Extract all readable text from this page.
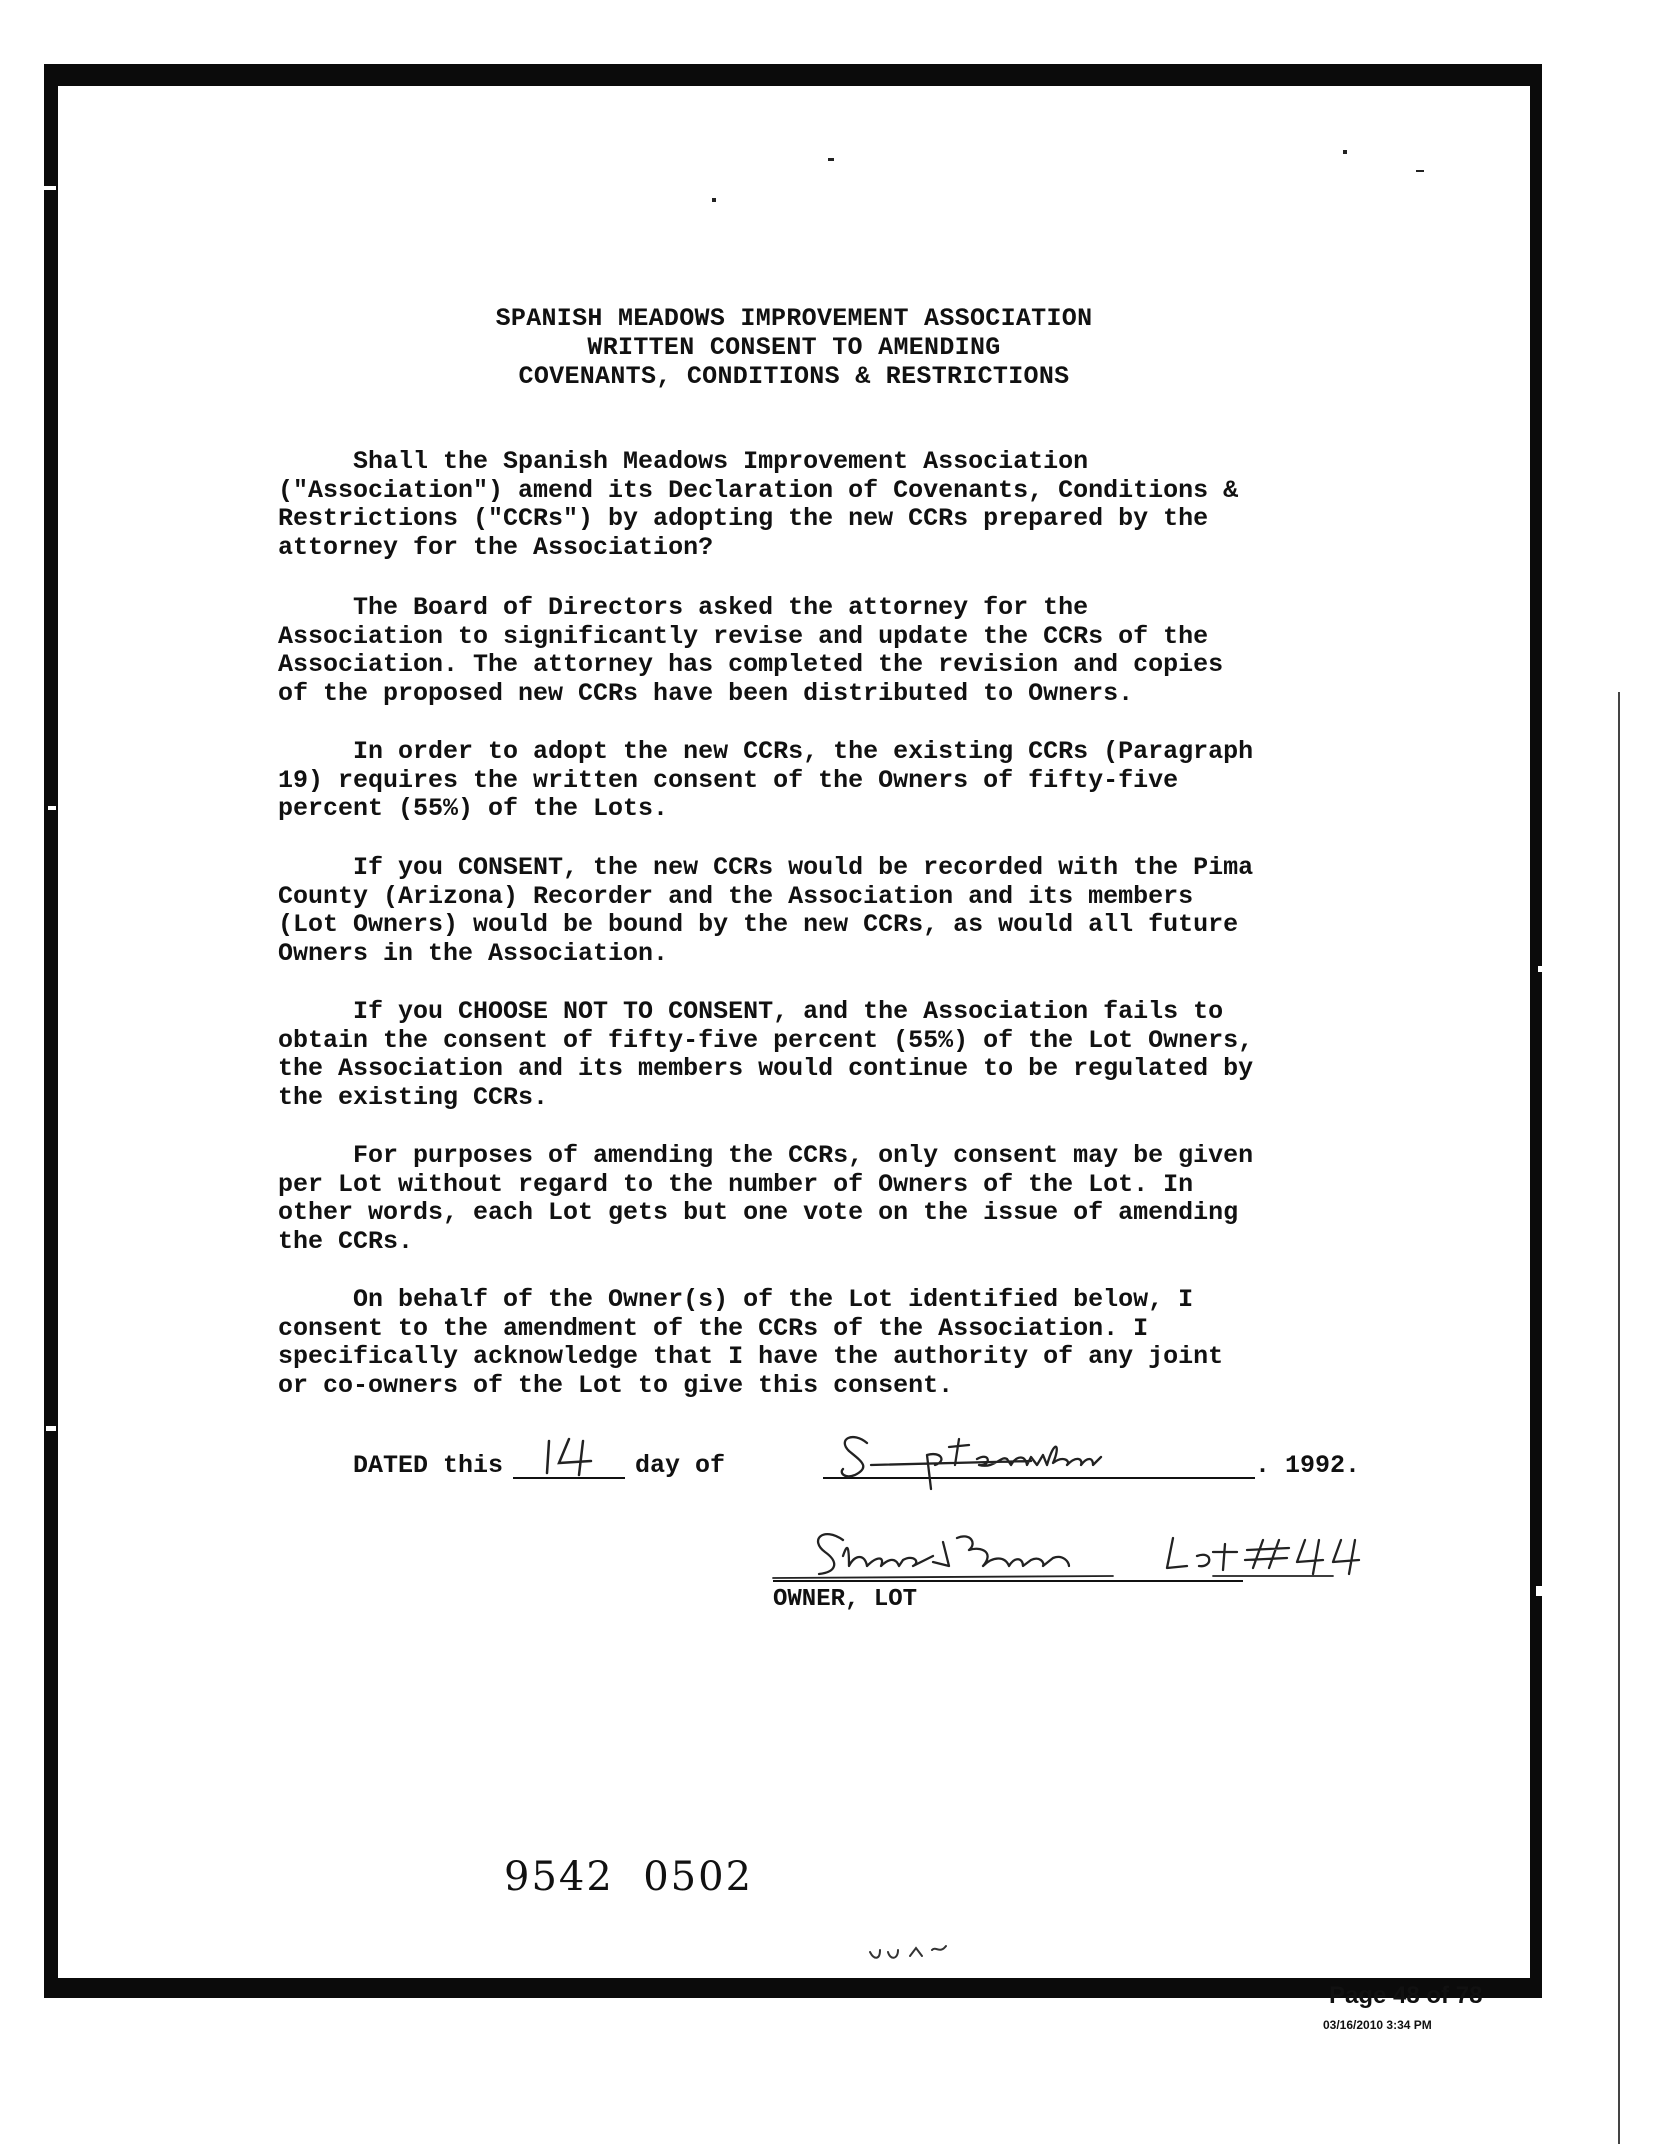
SPANISH MEADOWS IMPROVEMENT ASSOCIATION
WRITTEN CONSENT TO AMENDING
COVENANTS, CONDITIONS & RESTRICTIONS
Shall the Spanish Meadows Improvement Association
("Association") amend its Declaration of Covenants, Conditions &
Restrictions ("CCRs") by adopting the new CCRs prepared by the
attorney for the Association?
The Board of Directors asked the attorney for the
Association to significantly revise and update the CCRs of the
Association. The attorney has completed the revision and copies
of the proposed new CCRs have been distributed to Owners.
In order to adopt the new CCRs, the existing CCRs (Paragraph
19) requires the written consent of the Owners of fifty-five
percent (55%) of the Lots.
If you CONSENT, the new CCRs would be recorded with the Pima
County (Arizona) Recorder and the Association and its members
(Lot Owners) would be bound by the new CCRs, as would all future
Owners in the Association.
If you CHOOSE NOT TO CONSENT, and the Association fails to
obtain the consent of fifty-five percent (55%) of the Lot Owners,
the Association and its members would continue to be regulated by
the existing CCRs.
For purposes of amending the CCRs, only consent may be given
per Lot without regard to the number of Owners of the Lot. In
other words, each Lot gets but one vote on the issue of amending
the CCRs.
On behalf of the Owner(s) of the Lot identified below, I
consent to the amendment of the CCRs of the Association. I
specifically acknowledge that I have the authority of any joint
or co-owners of the Lot to give this consent.
DATED this	day of	. 1992.
OWNER, LOT
9542  0502
Page 48 of 78
03/16/2010 3:34 PM
